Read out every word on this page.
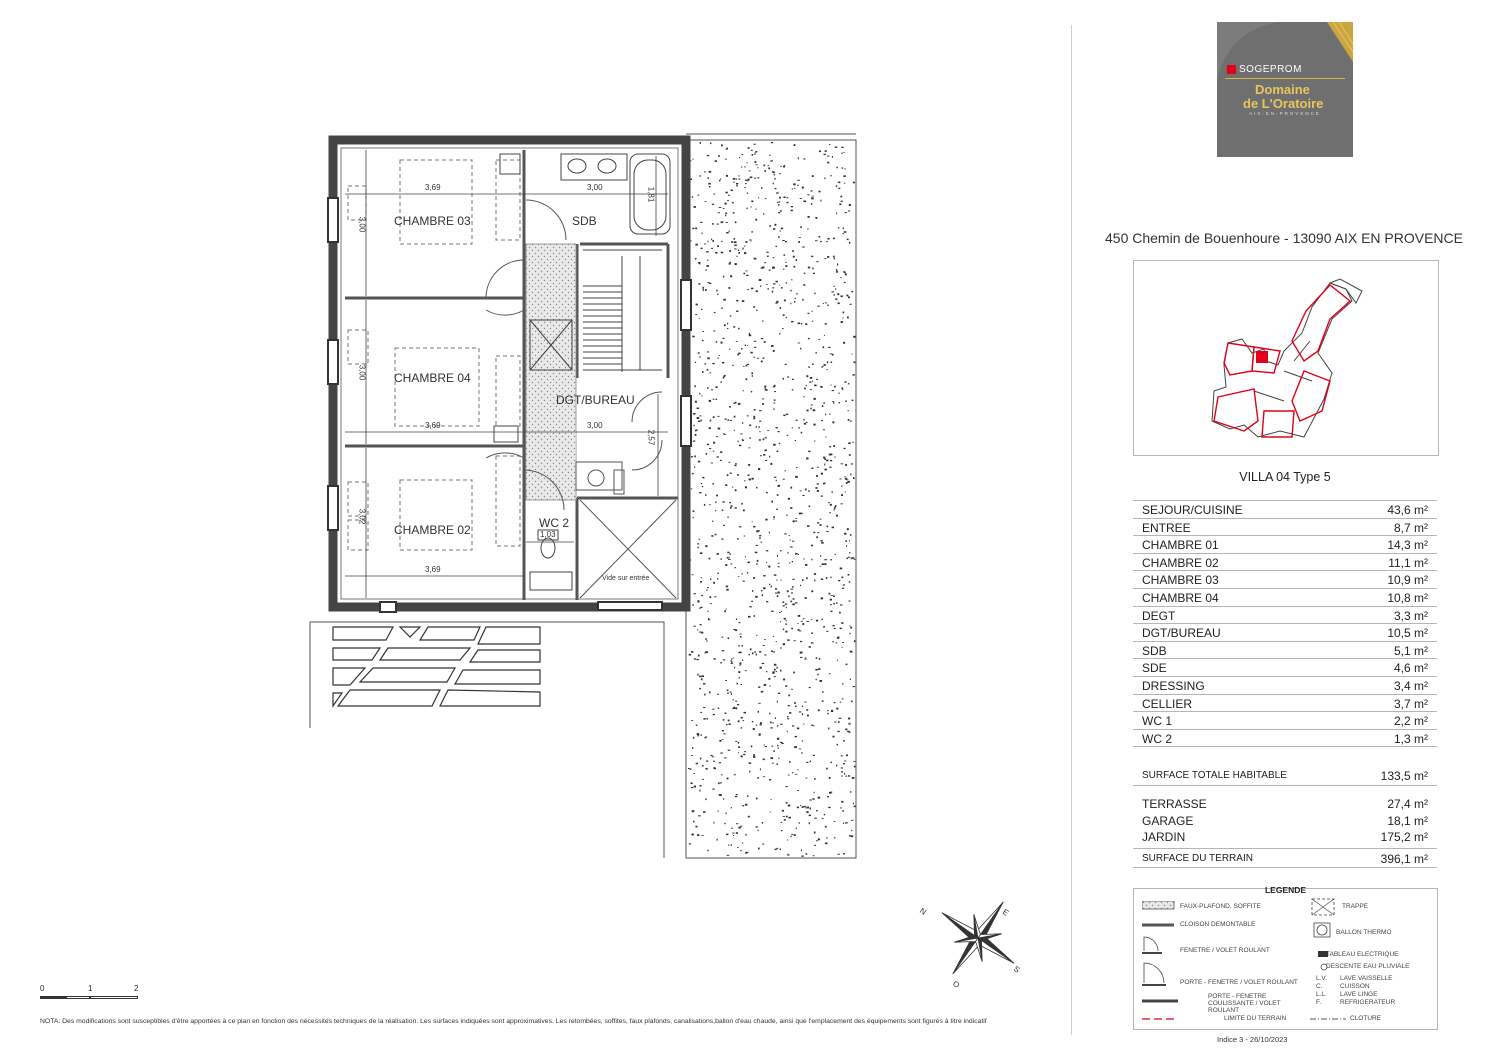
CHAMBRE 03	SDB
CHAMBRE 04
DGT/BUREAU
CHAMBRE 02	WC 2
3,69	3,00	1,81
3,00
3,00
3,69	3,00
2,57
3,02
3,69
1,03
Vide sur entrée
N	E
S
O
0	1	2
NOTA: Des modifications sont susceptibles d'être apportées à ce plan en fonction des nécessités techniques de la réalisation. Les surfaces indiquées sont approximatives. Les retombées, soffites, faux plafonds, canalisations,ballon d'eau chaude, ainsi que l'emplacement des équipements sont figurés à titre indicatif
SOGEPROM
Domaine
de L'Oratoire
AIX-EN-PROVENCE
450 Chemin de Bouenhoure - 13090 AIX EN PROVENCE
VILLA 04 Type 5
SEJOUR/CUISINE	43,6 m²
ENTREE	8,7 m²
CHAMBRE 01	14,3 m²
CHAMBRE 02	11,1 m²
CHAMBRE 03	10,9 m²
CHAMBRE 04	10,8 m²
DEGT	3,3 m²
DGT/BUREAU	10,5 m²
SDB	5,1 m²
SDE	4,6 m²
DRESSING	3,4 m²
CELLIER	3,7 m²
WC 1	2,2 m²
WC 2	1,3 m²
SURFACE TOTALE HABITABLE	133,5 m²
TERRASSE	27,4 m²
GARAGE	18,1 m²
JARDIN	175,2 m²
SURFACE DU TERRAIN	396,1 m²
LEGENDE
FAUX-PLAFOND, SOFFITE
CLOISON DEMONTABLE
FENETRE / VOLET ROULANT
PORTE - FENETRE / VOLET ROULANT
PORTE - FENETRE COULISSANTE / VOLET ROULANT
LIMITE DU TERRAIN
TRAPPE
BALLON THERMO
TABLEAU ELECTRIQUE
DESCENTE EAU PLUVIALE
L.V. LAVE VAISSELLE
C.	CUISSON
L.L. LAVE LINGE
F.	REFRIGERATEUR
CLOTURE
Indice 3 - 26/10/2023
